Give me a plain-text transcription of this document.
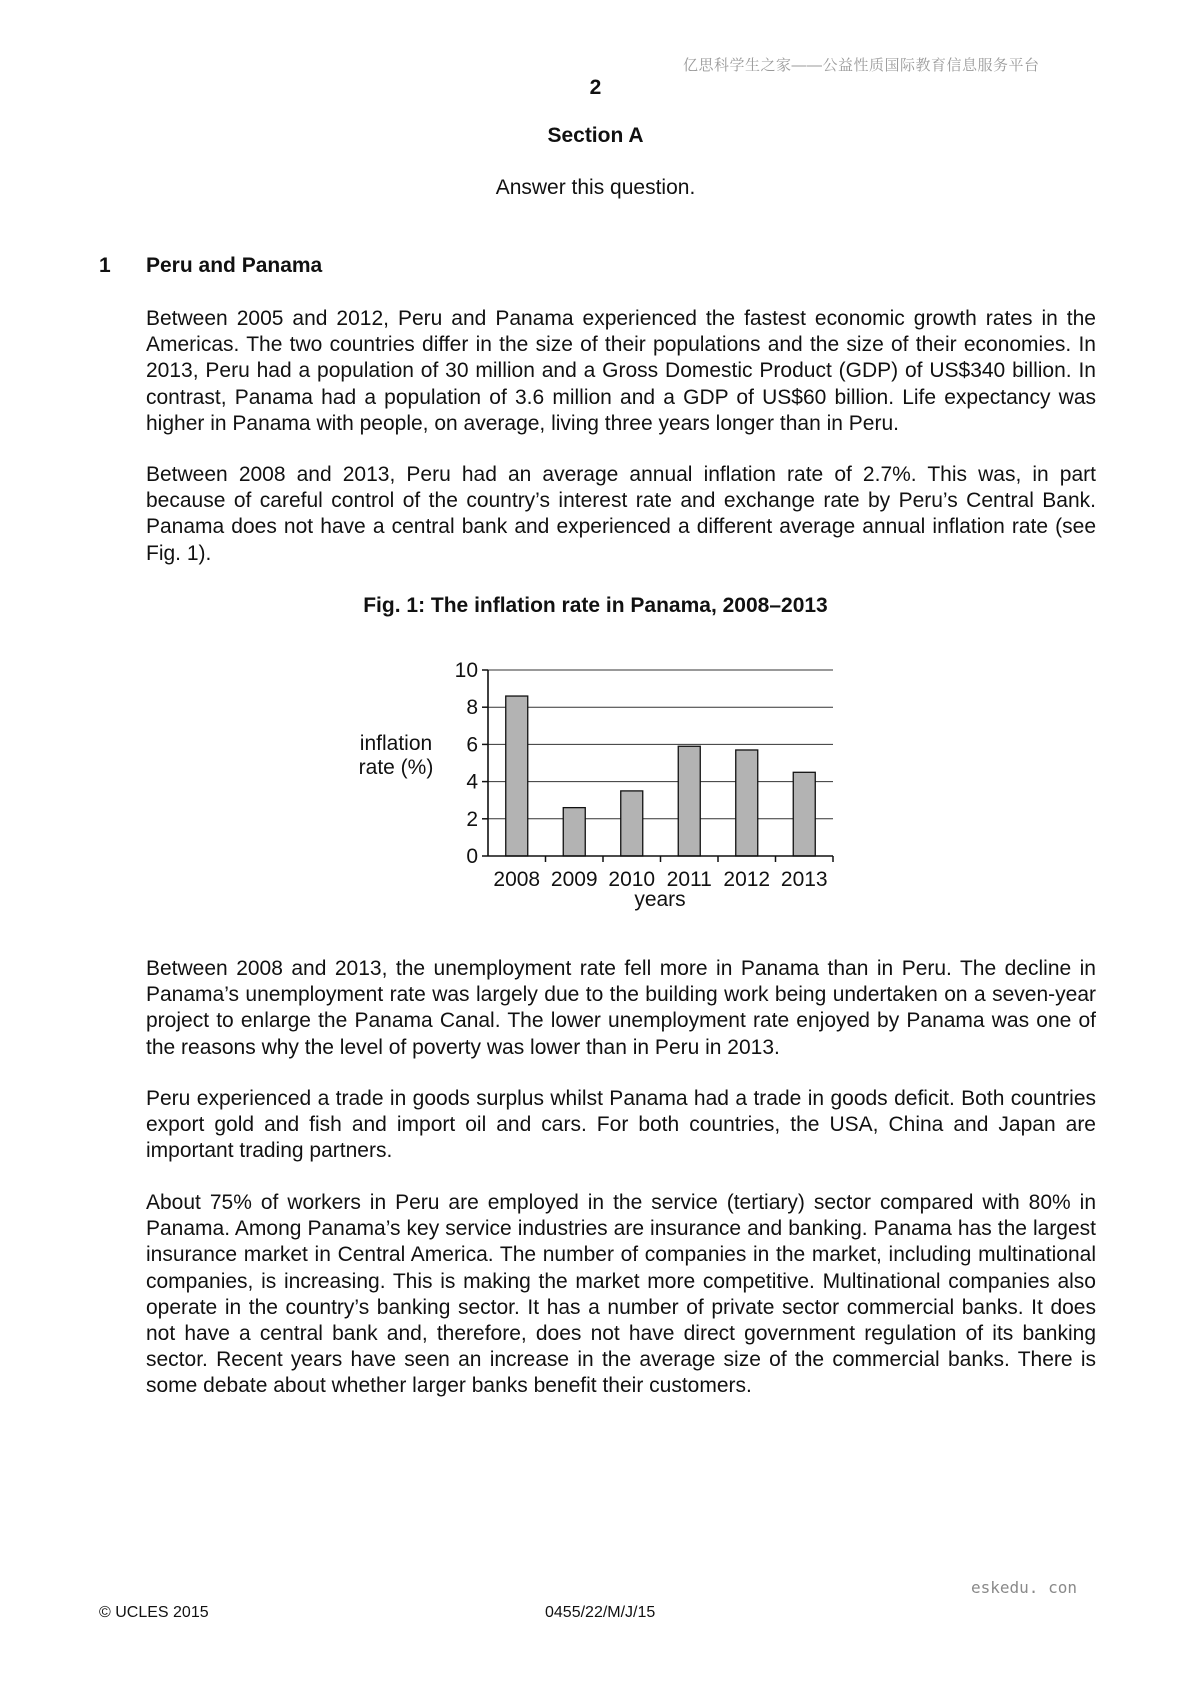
亿思科学生之家——公益性质国际教育信息服务平台
2
Section A
Answer this question.
1 Peru and Panama

Between 2005 and 2012, Peru and Panama experienced the fastest economic growth rates in the Americas. The two countries differ in the size of their populations and the size of their economies. In 2013, Peru had a population of 30 million and a Gross Domestic Product (GDP) of US$340 billion. In contrast, Panama had a population of 3.6 million and a GDP of US$60 billion. Life expectancy was higher in Panama with people, on average, living three years longer than in Peru.

Between 2008 and 2013, Peru had an average annual inflation rate of 2.7%. This was, in part because of careful control of the country’s interest rate and exchange rate by Peru’s Central Bank. Panama does not have a central bank and experienced a different average annual inflation rate (see Fig. 1).

Fig. 1: The inflation rate in Panama, 2008–2013
inflation
rate (%)
years
0
2
4
6
8
10
2008 2009 2010 2011 2012 2013

Between 2008 and 2013, the unemployment rate fell more in Panama than in Peru. The decline in Panama’s unemployment rate was largely due to the building work being undertaken on a seven-year project to enlarge the Panama Canal. The lower unemployment rate enjoyed by Panama was one of the reasons why the level of poverty was lower than in Peru in 2013.

Peru experienced a trade in goods surplus whilst Panama had a trade in goods deficit. Both countries export gold and fish and import oil and cars. For both countries, the USA, China and Japan are important trading partners.

About 75% of workers in Peru are employed in the service (tertiary) sector compared with 80% in Panama. Among Panama’s key service industries are insurance and banking. Panama has the largest insurance market in Central America. The number of companies in the market, including multinational companies, is increasing. This is making the market more competitive. Multinational companies also operate in the country’s banking sector. It has a number of private sector commercial banks. It does not have a central bank and, therefore, does not have direct government regulation of its banking sector. Recent years have seen an increase in the average size of the commercial banks. There is some debate about whether larger banks benefit their customers.

eskedu. con
© UCLES 2015	0455/22/M/J/15
